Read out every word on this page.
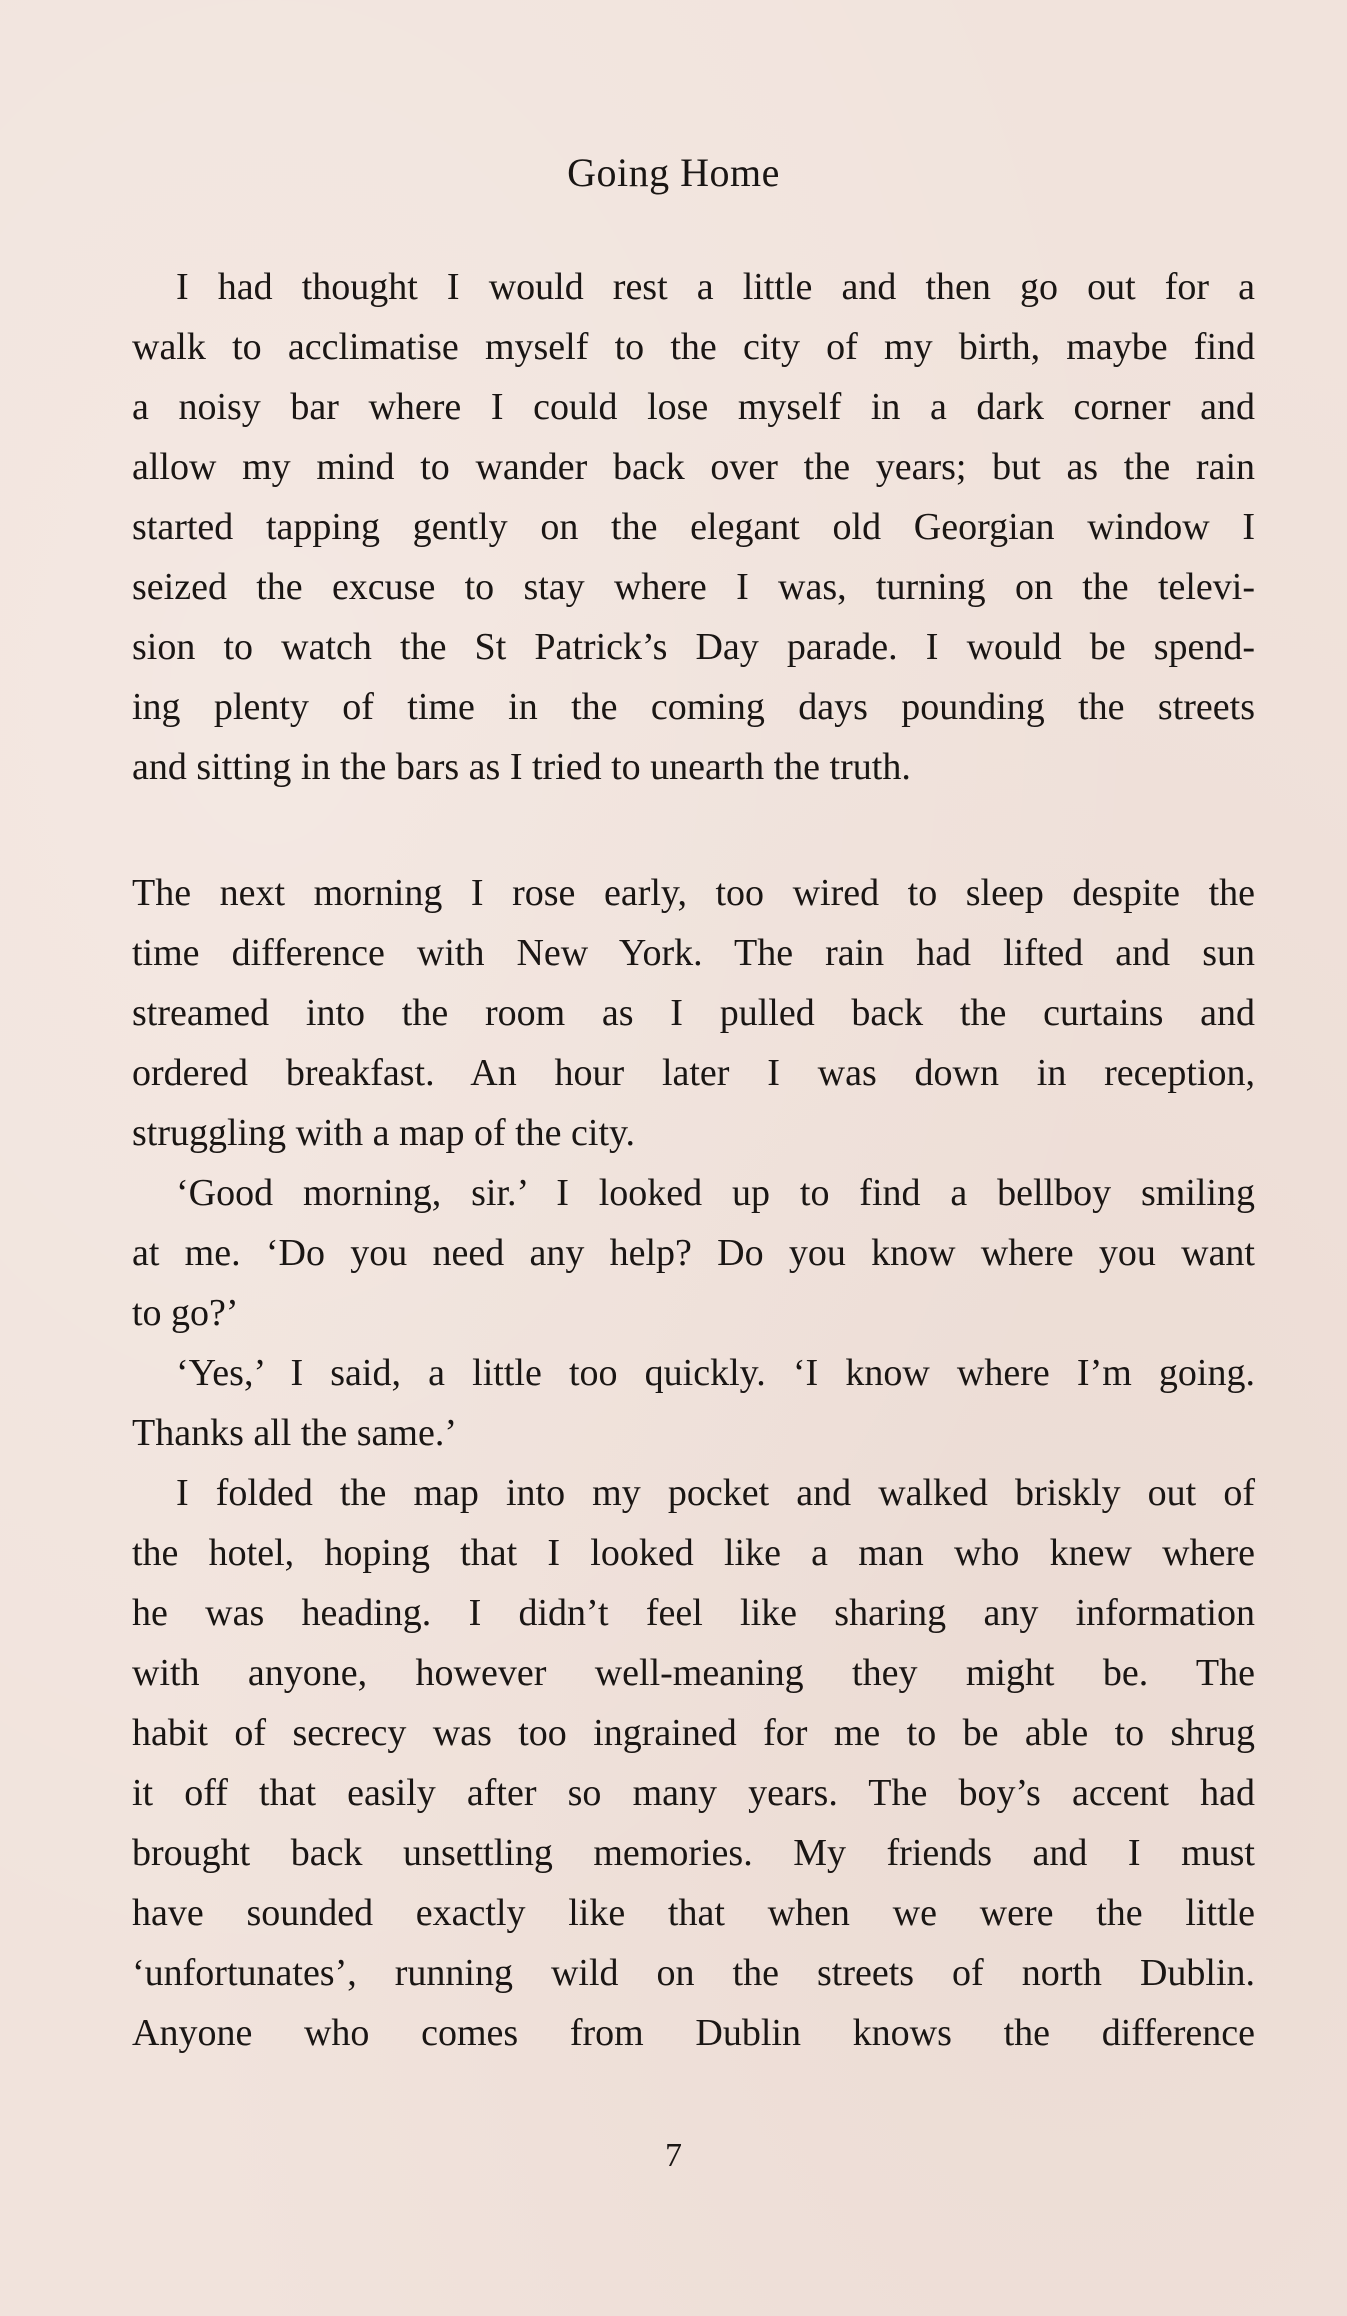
Going Home
I had thought I would rest a little and then go out for a
walk to acclimatise myself to the city of my birth, maybe find
a noisy bar where I could lose myself in a dark corner and
allow my mind to wander back over the years; but as the rain
started tapping gently on the elegant old Georgian window I
seized the excuse to stay where I was, turning on the televi-
sion to watch the St Patrick’s Day parade. I would be spend-
ing plenty of time in the coming days pounding the streets
and sitting in the bars as I tried to unearth the truth.
The next morning I rose early, too wired to sleep despite the
time difference with New York. The rain had lifted and sun
streamed into the room as I pulled back the curtains and
ordered breakfast. An hour later I was down in reception,
struggling with a map of the city.
‘Good morning, sir.’ I looked up to find a bellboy smiling
at me. ‘Do you need any help? Do you know where you want
to go?’
‘Yes,’ I said, a little too quickly. ‘I know where I’m going.
Thanks all the same.’
I folded the map into my pocket and walked briskly out of
the hotel, hoping that I looked like a man who knew where
he was heading. I didn’t feel like sharing any information
with anyone, however well-meaning they might be. The
habit of secrecy was too ingrained for me to be able to shrug
it off that easily after so many years. The boy’s accent had
brought back unsettling memories. My friends and I must
have sounded exactly like that when we were the little
‘unfortunates’, running wild on the streets of north Dublin.
Anyone who comes from Dublin knows the difference

7
